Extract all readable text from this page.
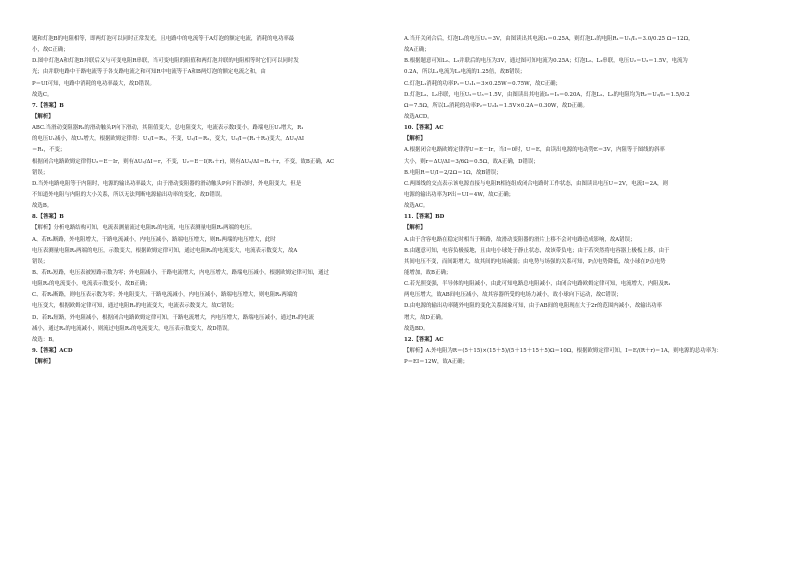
题和灯泡B的电阻相等，即两灯泡可以同时正常发光，且电路中的电流等于A灯泡的额定电流，消耗的电功率最
小，故C正确；
D.图中灯泡A和灯泡B并联后又与可变电阻R串联，当可变电阻的阻值和两灯泡并联的电阻相等时它们可以同时发
光；由并联电路中干路电流等于各支路电流之和可知R中电流等于A和B两灯泡的额定电流之和，由
P＝UI可知，电路中消耗的电功率最大，故D错误。
故选C。
7.【答案】B
【解析】
ABC.当滑动变阻器R₂的滑动触头P向下滑动，其阻值变大，总电阻变大，电流表示数I变小，路端电压U₂增大，R₁
的电压U₁减小，故U₂增大，根据欧姆定律得：U₁/I＝R₁，不变，U₂/I＝R₂，变大，U₂/I＝(R₁＋R₂)变大，ΔU₂/ΔI
＝R₁，不变；
根据闭合电路欧姆定律得U₂＝E－Ir，则有ΔU₂/ΔI＝r，不变，U₂＝E－I(R₁＋r)，则有ΔU₂/ΔI＝R₁＋r，不变，故B正确，AC
错误；
D.当外电路电阻等于内阻时，电源的输出功率最大，由于滑动变阻器的滑动触头P向下滑动时，外电阻变大，但是
不知道外电阻与内阻的大小关系，所以无法判断电源输出功率的变化，故D错误。
故选B。
8.【答案】B
【解析】分析电路结构可知，电流表测量流过电阻R₂的电流，电压表测量电阻R₂两端的电压。
A、若R₁断路，外电阻增大，干路电流减小，内电压减小，路端电压增大，则R₂两端的电压增大，此时
电压表测量电阻R₂两端的电压，示数变大，根据欧姆定律可知，通过电阻R₂的电流变大，电流表示数变大，故A
错误；
B、若R₂短路，电压表被短路示数为零；外电阻减小，干路电流增大，内电压增大，路端电压减小，根据欧姆定律可知，通过
电阻R₂的电流变小，电流表示数变小，故B正确；
C、若R₃断路，则电压表示数为零；外电阻变大，干路电流减小，内电压减小，路端电压增大，则电阻R₂两端的
电压变大，根据欧姆定律可知，通过电阻R₂的电流变大，电流表示数变大，故C错误；
D、若R₄短路，外电阻减小，根据闭合电路欧姆定律可知，干路电流增大，内电压增大，路端电压减小，通过R₃的电流
减小，通过R₂的电流减小，则流过电阻R₂的电流变大，电压表示数变大，故D错误。
故选：B。
9.【答案】ACD
【解析】
A.当开关闭合后，灯泡L₁的电压U₁＝3V，由图读出其电流I₁＝0.25A，则灯泡L₁的电阻R₁＝U₁/I₁＝3.0/0.25 Ω＝12Ω，
故A正确；
B.根据题意可知L₂、L₃并联后的电压为3V，通过图可知电流为0.25A；灯泡L₂、L₃串联，电压U₂＝U₃＝1.5V，电流为
0.2A，所以L₁电流为L₂电流的1.25倍，故B错误；
C.灯泡L₁消耗的功率P₁＝U₁I₁＝3×0.25W＝0.75W，故C正确；
D.灯泡L₂、L₃串联，电压U₂＝U₃＝1.5V，由图读出其电流I₂＝I₃＝0.20A，灯泡L₂、L₃的电阻均为R₂＝U₂/I₂＝1.5/0.2
Ω＝7.5Ω，所以L₂消耗的功率P₂＝U₂I₂＝1.5V×0.2A＝0.30W，故D正确。
故选ACD。
10.【答案】AC
【解析】
A.根据闭合电路欧姆定律得U＝E－Ir，当I＝0时，U＝E，由读出电源的电动势E＝3V，内阻等于图线的斜率
大小，则r＝ΔU/ΔI＝3/6Ω＝0.5Ω，故A正确，D错误；
B.电阻R＝U/I＝2/2Ω＝1Ω，故B错误；
C.两图线的交点表示该电源直接与电阻R相连组成闭合电路时工作状态，由图读出电压U＝2V，电流I＝2A，则
电源的输出功率为P出＝UI＝4W，故C正确；
故选AC。
11.【答案】BD
【解析】
A.由于含容电路在稳定时相当于断路，故滑动变阻器的滑片上移不会对电路造成影响，故A错误；
B.由题意可知，电容负极接地，且由电小球处于静止状态，故该带负电；由于若突然将电容器上极板上移，由于
其间电压不变，而间距增大，故其间的电场减弱；由电势与场强的关系可知，P点电势降低，故小球在P点电势
能增加，故B正确；
C.若光照变强，半导体的电阻减小，由此可知电路总电阻减小，由闭合电路欧姆定律可知，电流增大，内阻及R₁
两电压增大，故AB间电压减小，故其容器所受的电场力减小，故小球向下运动，故C错误；
D.由电源的输出功率随外电阻的变化关系图象可知，由于AB间的电阻现在大于2r的范围内减小，故输出功率
增大，故D正确。
故选BD。
12.【答案】AC
【解析】A.外电阻为R＝(5＋15)×(15＋5)/(5＋15＋15＋5)Ω＝10Ω，根据欧姆定律可知，I＝E/(R＋r)＝1A，则电源的总功率为：
P＝EI＝12W，故A正确；
